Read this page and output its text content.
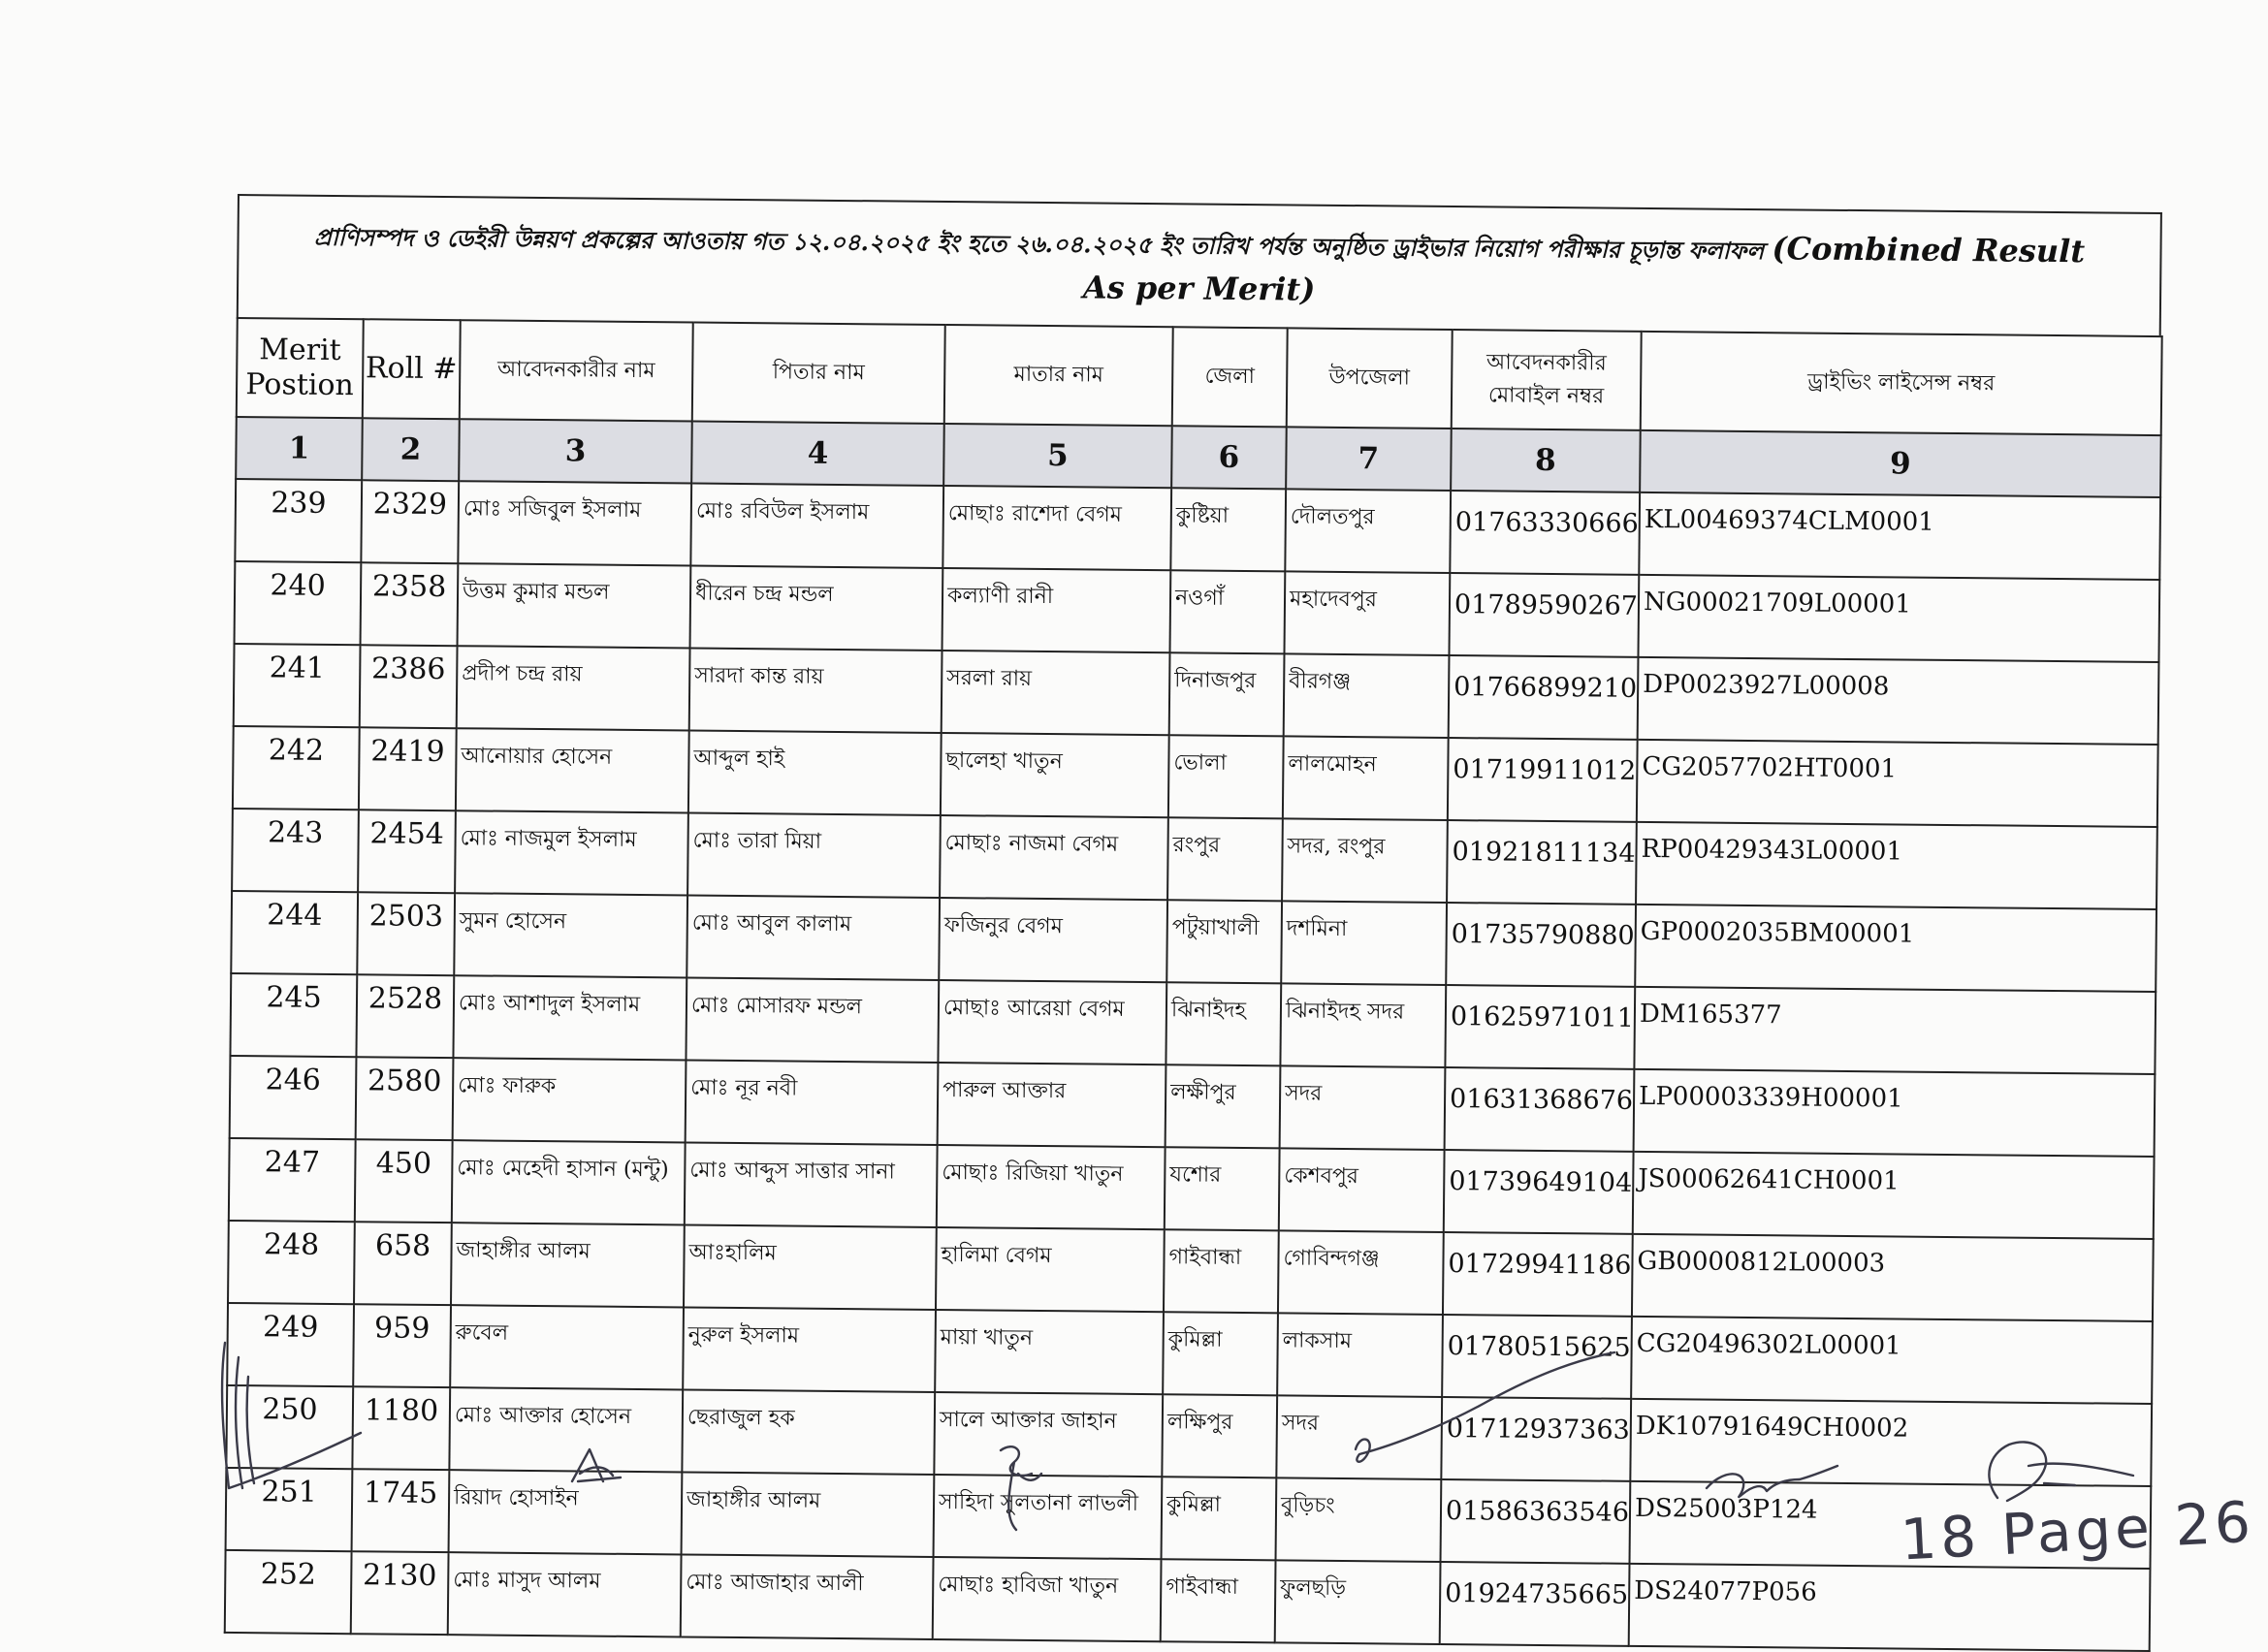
প্রাণিসম্পদ ও ডেইরী উন্নয়ণ প্রকল্পের আওতায় গত ১২.০৪.২০২৫ ইং হতে ২৬.০৪.২০২৫ ইং তারিখ পর্যন্ত অনুষ্ঠিত ড্রাইভার নিয়োগ পরীক্ষার চূড়ান্ত ফলাফল (Combined Result
As per Merit)
Merit Postion	Roll #	আবেদনকারীর নাম	পিতার নাম	মাতার নাম	জেলা	উপজেলা	আবেদনকারীর মোবাইল নম্বর	ড্রাইভিং লাইসেন্স নম্বর
1	2	3	4	5	6	7	8	9
239	2329	মোঃ সজিবুল ইসলাম	মোঃ রবিউল ইসলাম	মোছাঃ রাশেদা বেগম	কুষ্টিয়া	দৌলতপুর	01763330666	KL00469374CLM0001
240	2358	উত্তম কুমার মন্ডল	ধীরেন চন্দ্র মন্ডল	কল্যাণী রানী	নওগাঁ	মহাদেবপুর	01789590267	NG00021709L00001
241	2386	প্রদীপ চন্দ্র রায়	সারদা কান্ত রায়	সরলা রায়	দিনাজপুর	বীরগঞ্জ	01766899210	DP0023927L00008
242	2419	আনোয়ার হোসেন	আব্দুল হাই	ছালেহা খাতুন	ভোলা	লালমোহন	01719911012	CG2057702HT0001
243	2454	মোঃ নাজমুল ইসলাম	মোঃ তারা মিয়া	মোছাঃ নাজমা বেগম	রংপুর	সদর, রংপুর	01921811134	RP00429343L00001
244	2503	সুমন হোসেন	মোঃ আবুল কালাম	ফজিনুর বেগম	পটুয়াখালী	দশমিনা	01735790880	GP0002035BM00001
245	2528	মোঃ আশাদুল ইসলাম	মোঃ মোসারফ মন্ডল	মোছাঃ আরেয়া বেগম	ঝিনাইদহ	ঝিনাইদহ সদর	01625971011	DM165377
246	2580	মোঃ ফারুক	মোঃ নূর নবী	পারুল আক্তার	লক্ষীপুর	সদর	01631368676	LP00003339H00001
247	450	মোঃ মেহেদী হাসান (মন্টু)	মোঃ আব্দুস সাত্তার সানা	মোছাঃ রিজিয়া খাতুন	যশোর	কেশবপুর	01739649104	JS00062641CH0001
248	658	জাহাঙ্গীর আলম	আঃহালিম	হালিমা বেগম	গাইবান্ধা	গোবিন্দগঞ্জ	01729941186	GB0000812L00003
249	959	রুবেল	নুরুল ইসলাম	মায়া খাতুন	কুমিল্লা	লাকসাম	01780515625	CG20496302L00001
250	1180	মোঃ আক্তার হোসেন	ছেরাজুল হক	সালে আক্তার জাহান	লক্ষিপুর	সদর	01712937363	DK10791649CH0002
251	1745	রিয়াদ হোসাইন	জাহাঙ্গীর আলম	সাহিদা সুলতানা লাভলী	কুমিল্লা	বুড়িচং	01586363546	DS25003P124
252	2130	মোঃ মাসুদ আলম	মোঃ আজাহার আলী	মোছাঃ হাবিজা খাতুন	গাইবান্ধা	ফুলছড়ি	01924735665	DS24077P056
18 Page 26
